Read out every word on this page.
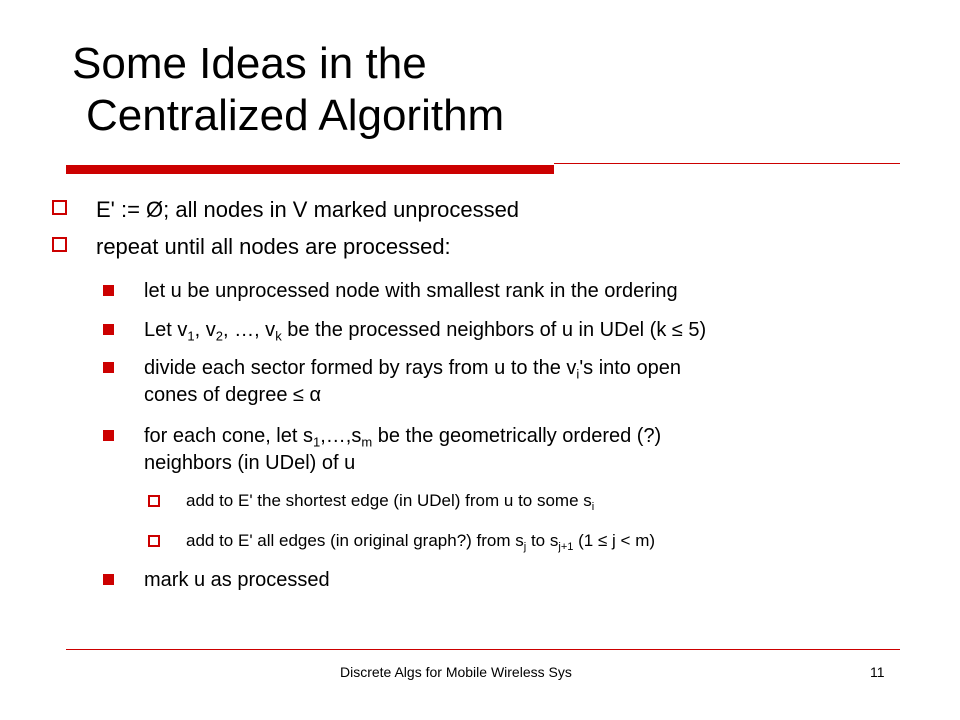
Some Ideas in the
Centralized Algorithm
E' := Ø; all nodes in V marked unprocessed
repeat until all nodes are processed:
let u be unprocessed node with smallest rank in the ordering
Let $v_1$, $v_2$, …, $v_k$ be the processed neighbors of u in UDel (k ≤ 5)
divide each sector formed by rays from u to the $v_i's$ into open
cones of degree ≤ α
for each cone, let $s_1,\dots,s_m$ be the geometrically ordered (?)
neighbors (in UDel) of u
add to E' the shortest edge (in UDel) from u to some $s_i$
add to E' all edges (in original graph?) from $s_j$ to $s_{j+1}$ (1 ≤ j < m)
mark u as processed
Discrete Algs for Mobile Wireless Sys	11
